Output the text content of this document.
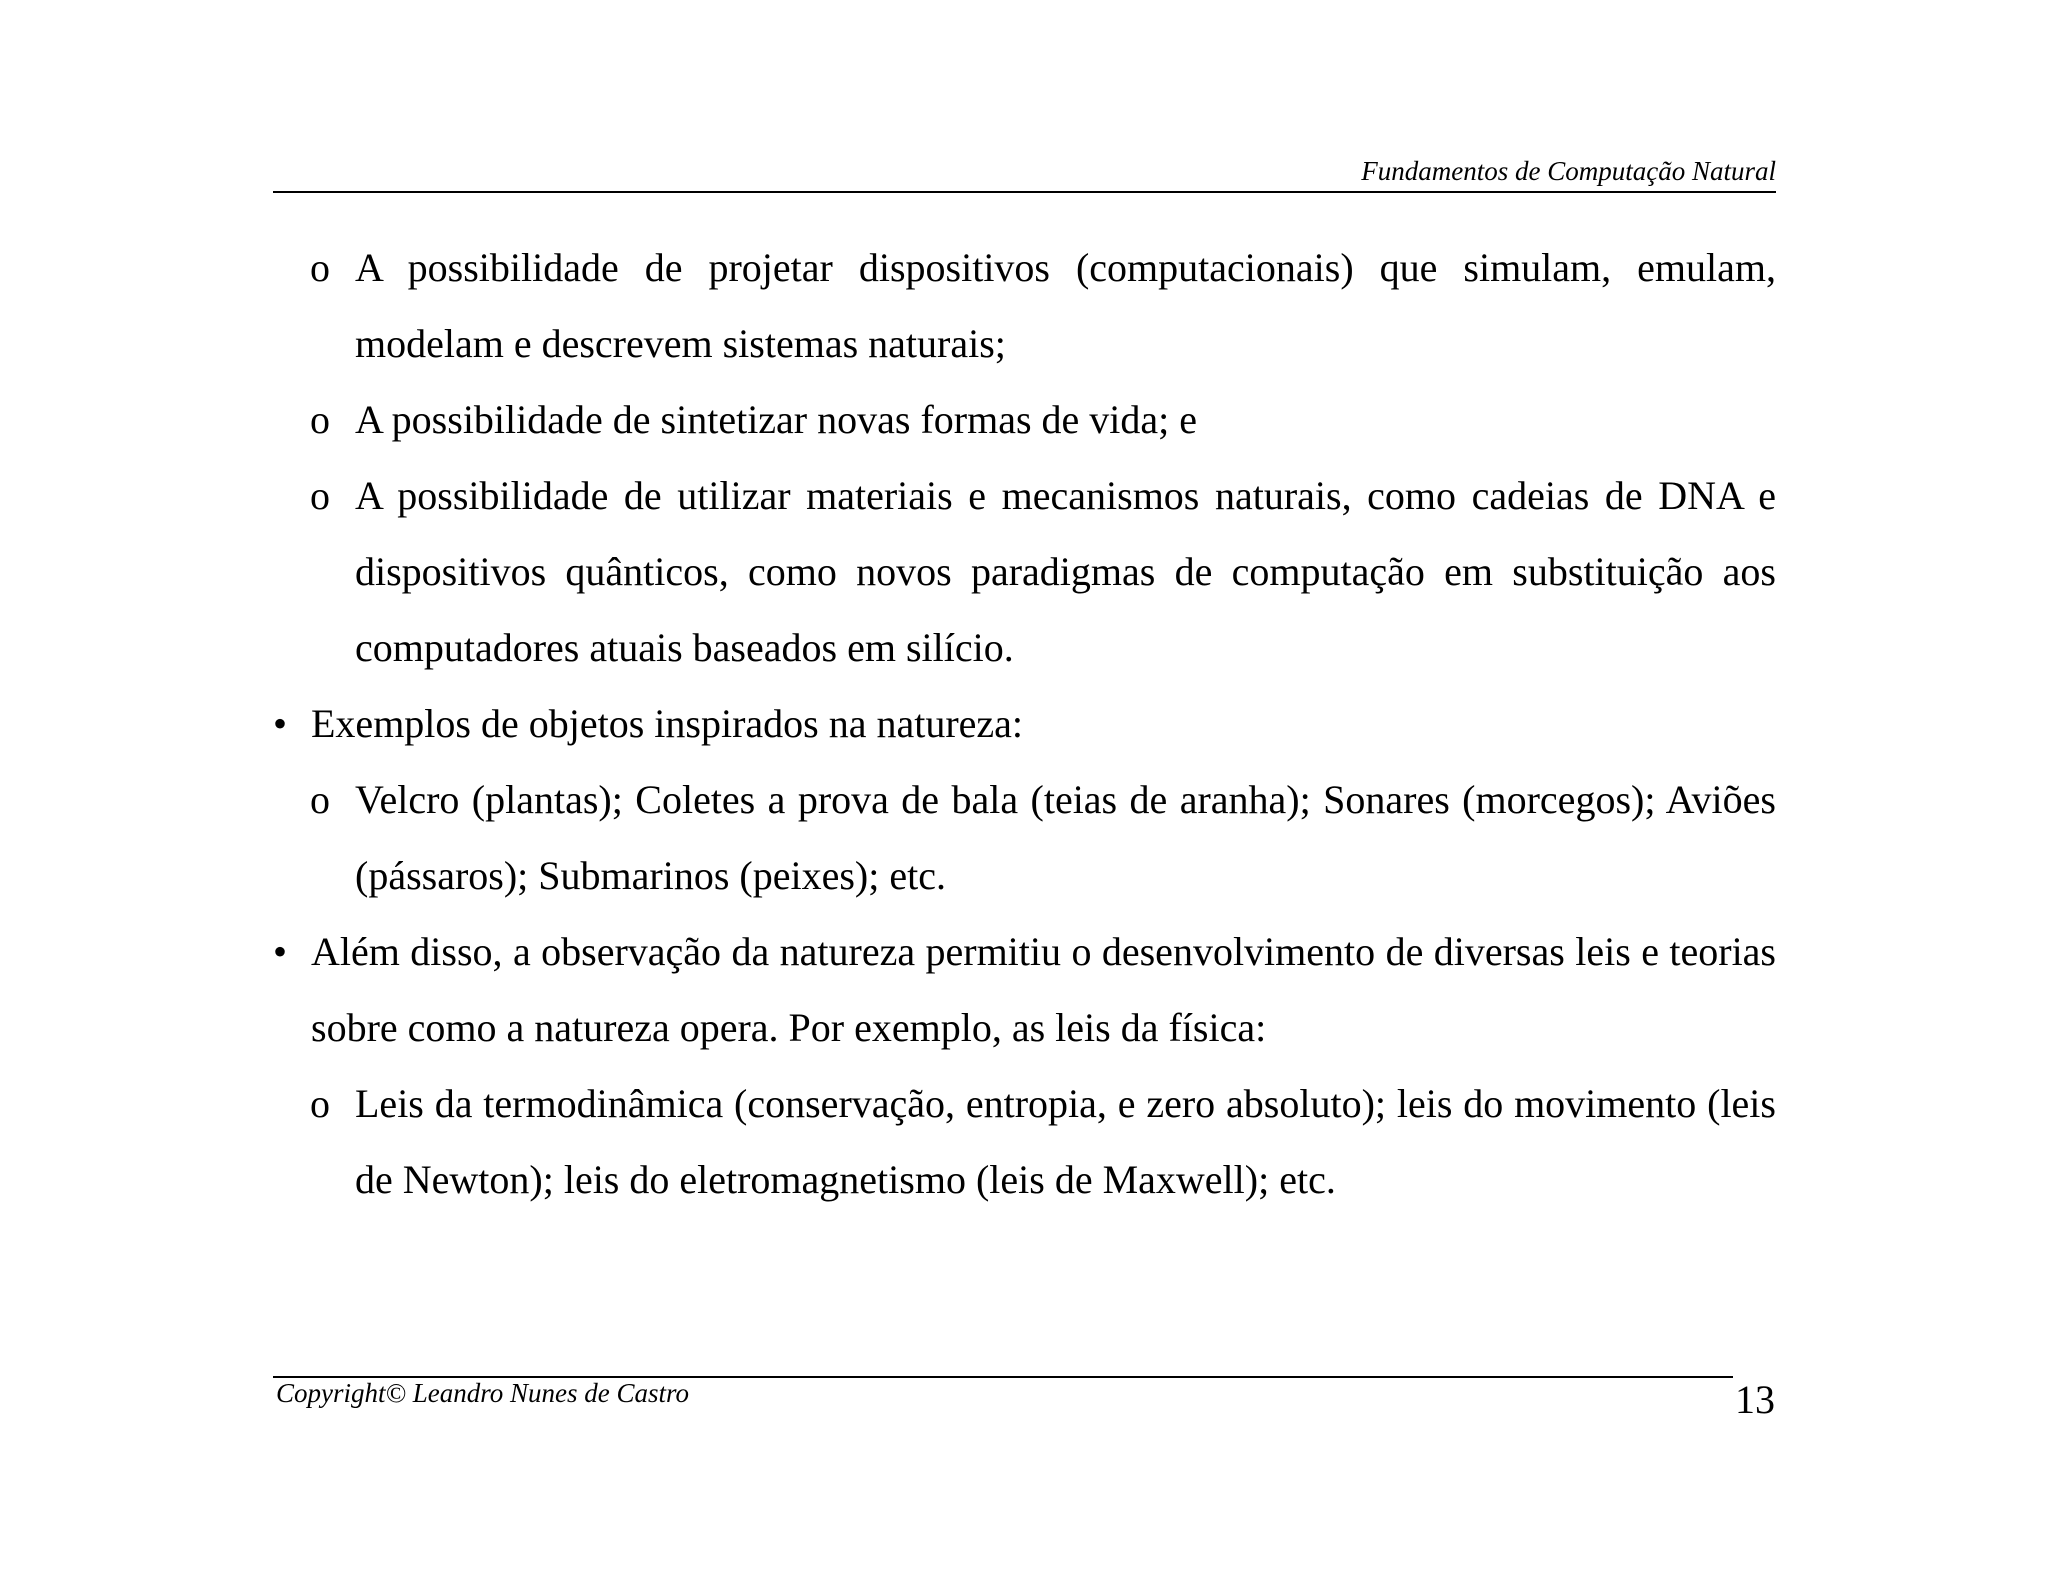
Fundamentos de Computação Natural
o A possibilidade de projetar dispositivos (computacionais) que simulam, emulam, modelam e descrevem sistemas naturais;
o A possibilidade de sintetizar novas formas de vida; e
o A possibilidade de utilizar materiais e mecanismos naturais, como cadeias de DNA e dispositivos quânticos, como novos paradigmas de computação em substituição aos computadores atuais baseados em silício.
• Exemplos de objetos inspirados na natureza:
o Velcro (plantas); Coletes a prova de bala (teias de aranha); Sonares (morcegos); Aviões (pássaros); Submarinos (peixes); etc.
• Além disso, a observação da natureza permitiu o desenvolvimento de diversas leis e teorias sobre como a natureza opera. Por exemplo, as leis da física:
o Leis da termodinâmica (conservação, entropia, e zero absoluto); leis do movimento (leis de Newton); leis do eletromagnetismo (leis de Maxwell); etc.
Copyright© Leandro Nunes de Castro	13
